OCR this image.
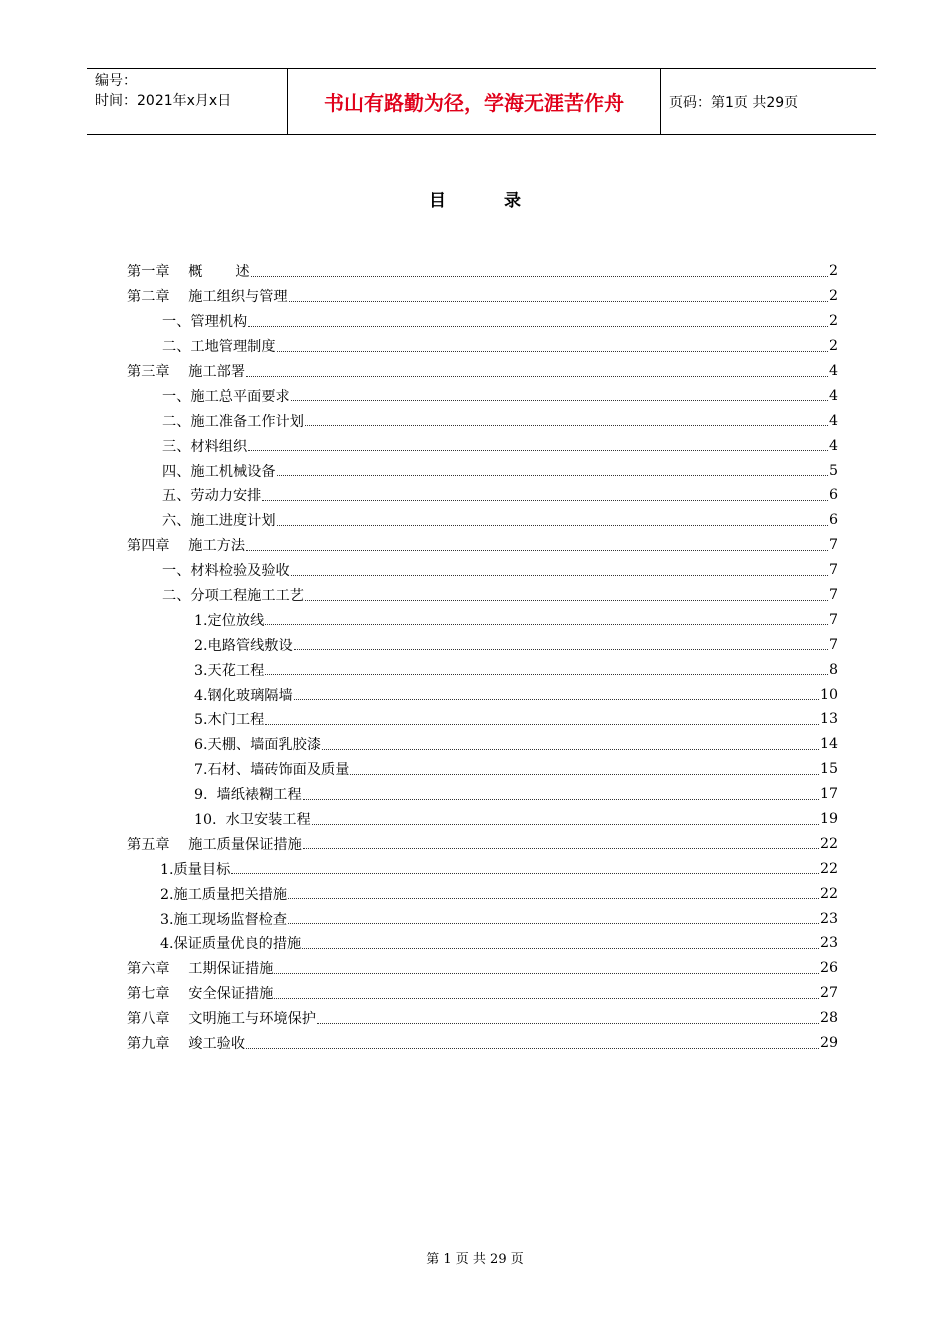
编号：
时间：2021年x月x日	书山有路勤为径，学海无涯苦作舟	页码：第1页 共29页
目录
第一章　 概　　 述	2
第二章　 施工组织与管理	2
一、管理机构	2
二、工地管理制度	2
第三章　 施工部署	4
一、施工总平面要求	4
二、施工准备工作计划	4
三、材料组织	4
四、施工机械设备	5
五、劳动力安排	6
六、施工进度计划	6
第四章　 施工方法	7
一、材料检验及验收	7
二、分项工程施工工艺	7
1.定位放线	7
2.电路管线敷设	7
3.天花工程	8
4.钢化玻璃隔墙	10
5.木门工程	13
6.天棚、墙面乳胶漆	14
7.石材、墙砖饰面及质量	15
9.  墙纸裱糊工程	17
10.  水卫安装工程	19
第五章　 施工质量保证措施	22
1.质量目标	22
2.施工质量把关措施	22
3.施工现场监督检查	23
4.保证质量优良的措施	23
第六章　 工期保证措施	26
第七章　 安全保证措施	27
第八章　 文明施工与环境保护	28
第九章　 竣工验收	29
第 1 页 共 29 页
